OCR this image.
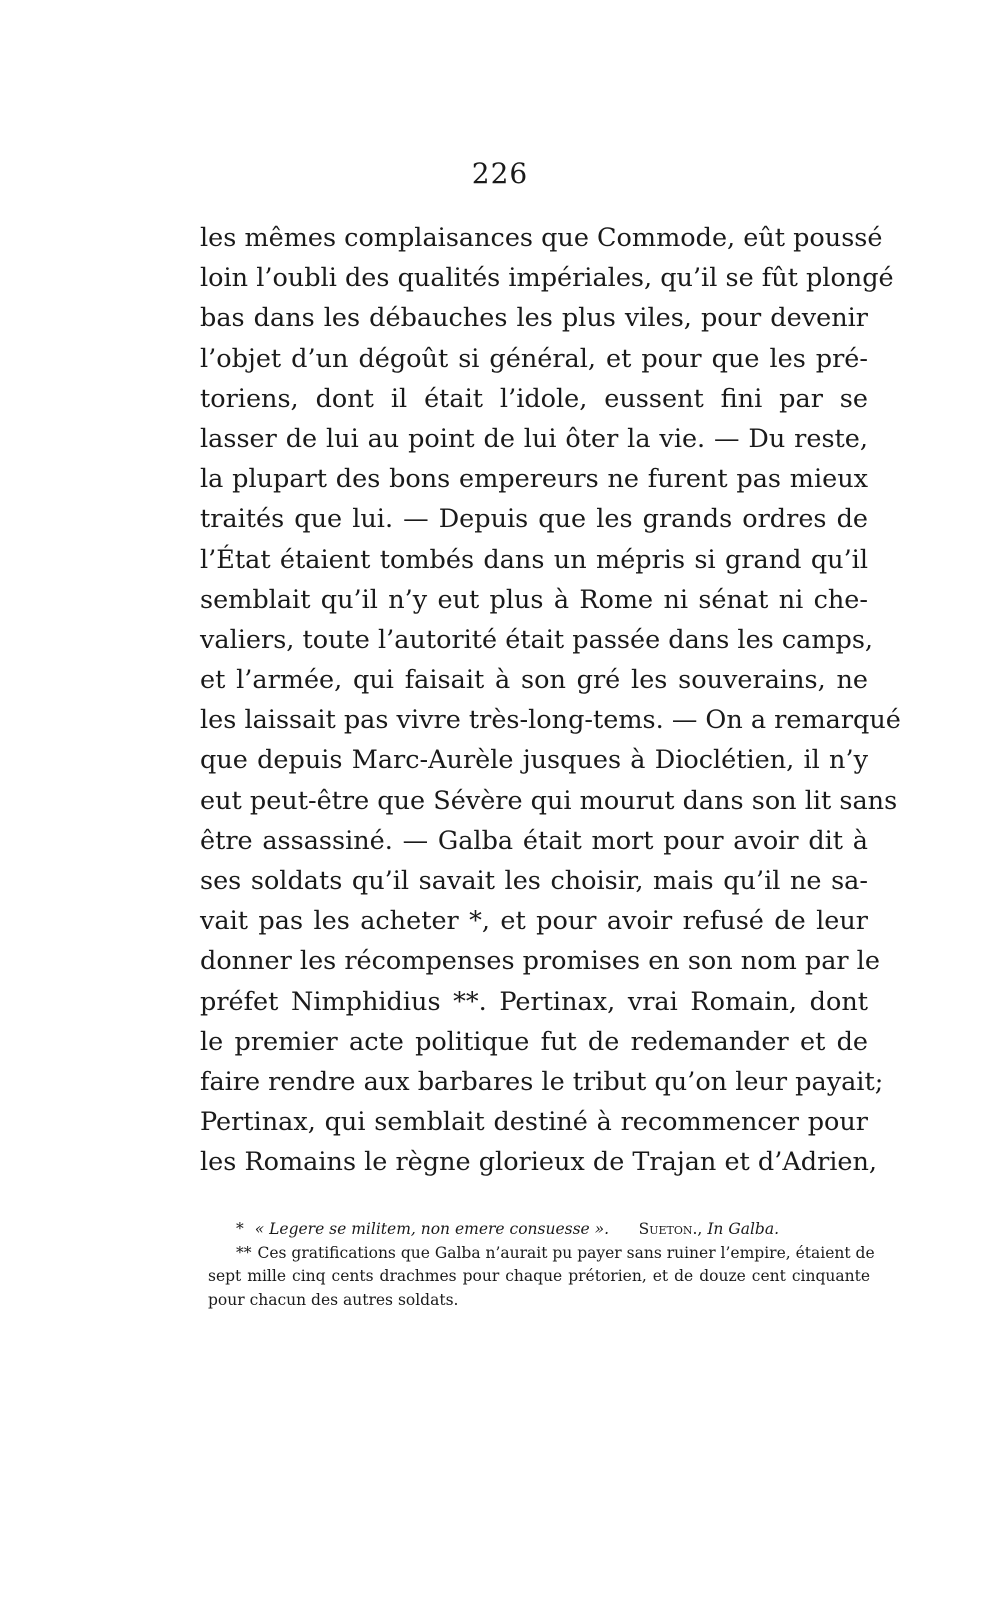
226
les mêmes complaisances que Commode, eût poussé
loin l’oubli des qualités impériales, qu’il se fût plongé
bas dans les débauches les plus viles, pour devenir
l’objet d’un dégoût si général, et pour que les pré-
toriens, dont il était l’idole, eussent fini par se
lasser de lui au point de lui ôter la vie. — Du reste,
la plupart des bons empereurs ne furent pas mieux
traités que lui. — Depuis que les grands ordres de
l’État étaient tombés dans un mépris si grand qu’il
semblait qu’il n’y eut plus à Rome ni sénat ni che-
valiers, toute l’autorité était passée dans les camps,
et l’armée, qui faisait à son gré les souverains, ne
les laissait pas vivre très-long-tems. — On a remarqué
que depuis Marc-Aurèle jusques à Dioclétien, il n’y
eut peut-être que Sévère qui mourut dans son lit sans
être assassiné. — Galba était mort pour avoir dit à
ses soldats qu’il savait les choisir, mais qu’il ne sa-
vait pas les acheter *, et pour avoir refusé de leur
donner les récompenses promises en son nom par le
préfet Nimphidius **. Pertinax, vrai Romain, dont
le premier acte politique fut de redemander et de
faire rendre aux barbares le tribut qu’on leur payait;
Pertinax, qui semblait destiné à recommencer pour
les Romains le règne glorieux de Trajan et d’Adrien,
* « Legere se militem, non emere consuesse ». Sueton., In Galba.
** Ces gratifications que Galba n’aurait pu payer sans ruiner l’empire, étaient de
sept mille cinq cents drachmes pour chaque prétorien, et de douze cent cinquante
pour chacun des autres soldats.
